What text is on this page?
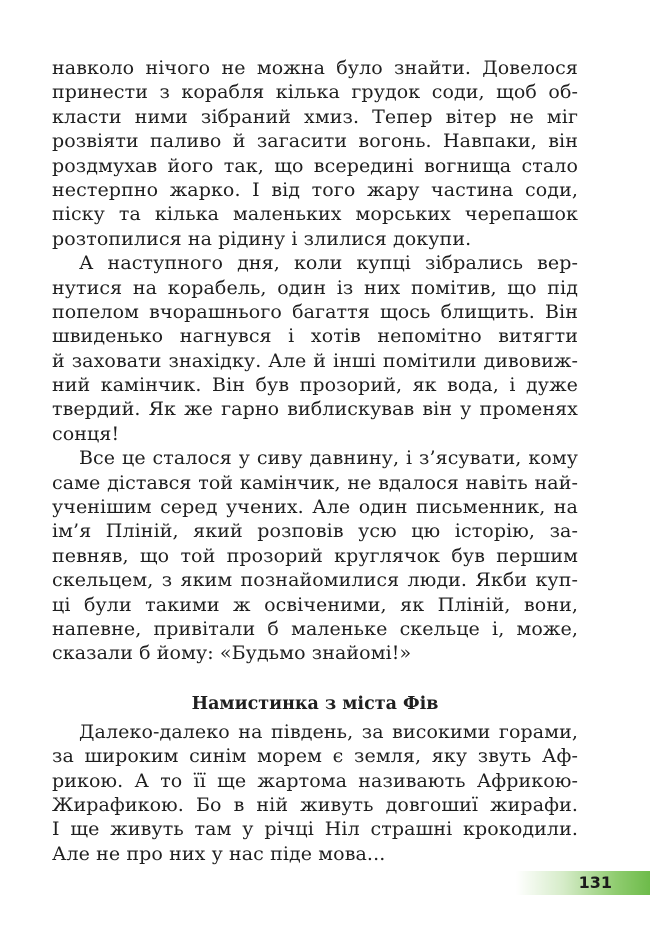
навколо нічого не можна було знайти. Довелося
принести з корабля кілька грудок соди, щоб об-
класти ними зібраний хмиз. Тепер вітер не міг
розвіяти паливо й загасити вогонь. Навпаки, він
роздмухав його так, що всередині вогнища стало
нестерпно жарко. І від того жару частина соди,
піску та кілька маленьких морських черепашок
розтопилися на рідину і злилися докупи.
А наступного дня, коли купці зібрались вер-
нутися на корабель, один із них помітив, що під
попелом вчорашнього багаття щось блищить. Він
швиденько нагнувся і хотів непомітно витягти
й заховати знахідку. Але й інші помітили дивовиж-
ний камінчик. Він був прозорий, як вода, і дуже
твердий. Як же гарно виблискував він у променях
сонця!
Все це сталося у сиву давнину, і з’ясувати, кому
саме дістався той камінчик, не вдалося навіть най-
ученішим серед учених. Але один письменник, на
ім’я Пліній, який розповів усю цю історію, за-
певняв, що той прозорий круглячок був першим
скельцем, з яким познайомилися люди. Якби куп-
ці були такими ж освіченими, як Пліній, вони,
напевне, привітали б маленьке скельце і, може,
сказали б йому: «Будьмо знайомі!»
Намистинка з міста Фів
Далеко-далеко на південь, за високими горами,
за широким синім морем є земля, яку звуть Аф-
рикою. А то її ще жартома називають Африкою-
Жирафикою. Бо в ній живуть довгошиї жирафи.
І ще живуть там у річці Ніл страшні крокодили.
Але не про них у нас піде мова...
131
